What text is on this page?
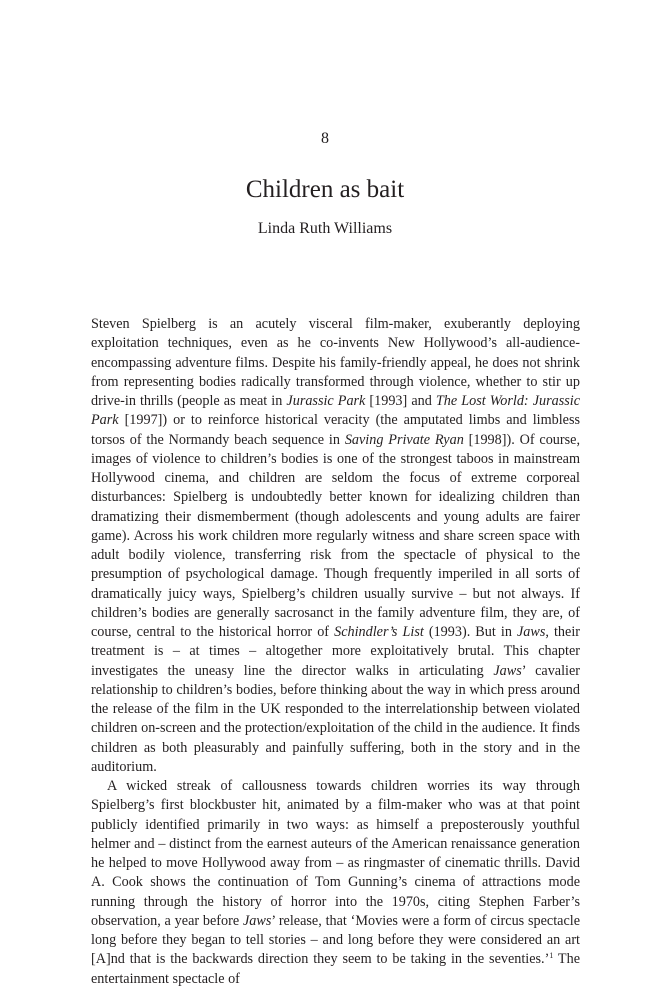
8
Children as bait
Linda Ruth Williams

Steven Spielberg is an acutely visceral film-maker, exuberantly deploying exploitation techniques, even as he co-invents New Hollywood’s all-audience-encompassing adventure films. Despite his family-friendly appeal, he does not shrink from representing bodies radically transformed through violence, whether to stir up drive-in thrills (people as meat in Jurassic Park [1993] and The Lost World: Jurassic Park [1997]) or to reinforce historical veracity (the amputated limbs and limbless torsos of the Normandy beach sequence in Saving Private Ryan [1998]). Of course, images of violence to children’s bodies is one of the strongest taboos in mainstream Hollywood cinema, and children are seldom the focus of extreme corporeal disturbances: Spielberg is undoubtedly better known for idealizing children than dramatizing their dismemberment (though adolescents and young adults are fairer game). Across his work children more regularly witness and share screen space with adult bodily violence, transferring risk from the spectacle of physical to the presumption of psychological damage. Though frequently imperiled in all sorts of dramatically juicy ways, Spielberg’s children usually survive – but not always. If children’s bodies are generally sacrosanct in the family adventure film, they are, of course, central to the historical horror of Schindler’s List (1993). But in Jaws, their treatment is – at times – altogether more exploitatively brutal. This chapter investigates the uneasy line the director walks in articulating Jaws’ cavalier relationship to children’s bodies, before thinking about the way in which press around the release of the film in the UK responded to the interrelationship between violated children on-screen and the protection/exploitation of the child in the audience. It finds children as both pleasurably and painfully suffering, both in the story and in the auditorium.

A wicked streak of callousness towards children worries its way through Spielberg’s first blockbuster hit, animated by a film-maker who was at that point publicly identified primarily in two ways: as himself a preposterously youthful helmer and – distinct from the earnest auteurs of the American renaissance generation he helped to move Hollywood away from – as ringmaster of cinematic thrills. David A. Cook shows the continuation of Tom Gunning’s cinema of attractions mode running through the history of horror into the 1970s, citing Stephen Farber’s observation, a year before Jaws’ release, that ‘Movies were a form of circus spectacle long before they began to tell stories – and long before they were considered an art [A]nd that is the backwards direction they seem to be taking in the seventies.’$^1$ The entertainment spectacle of
